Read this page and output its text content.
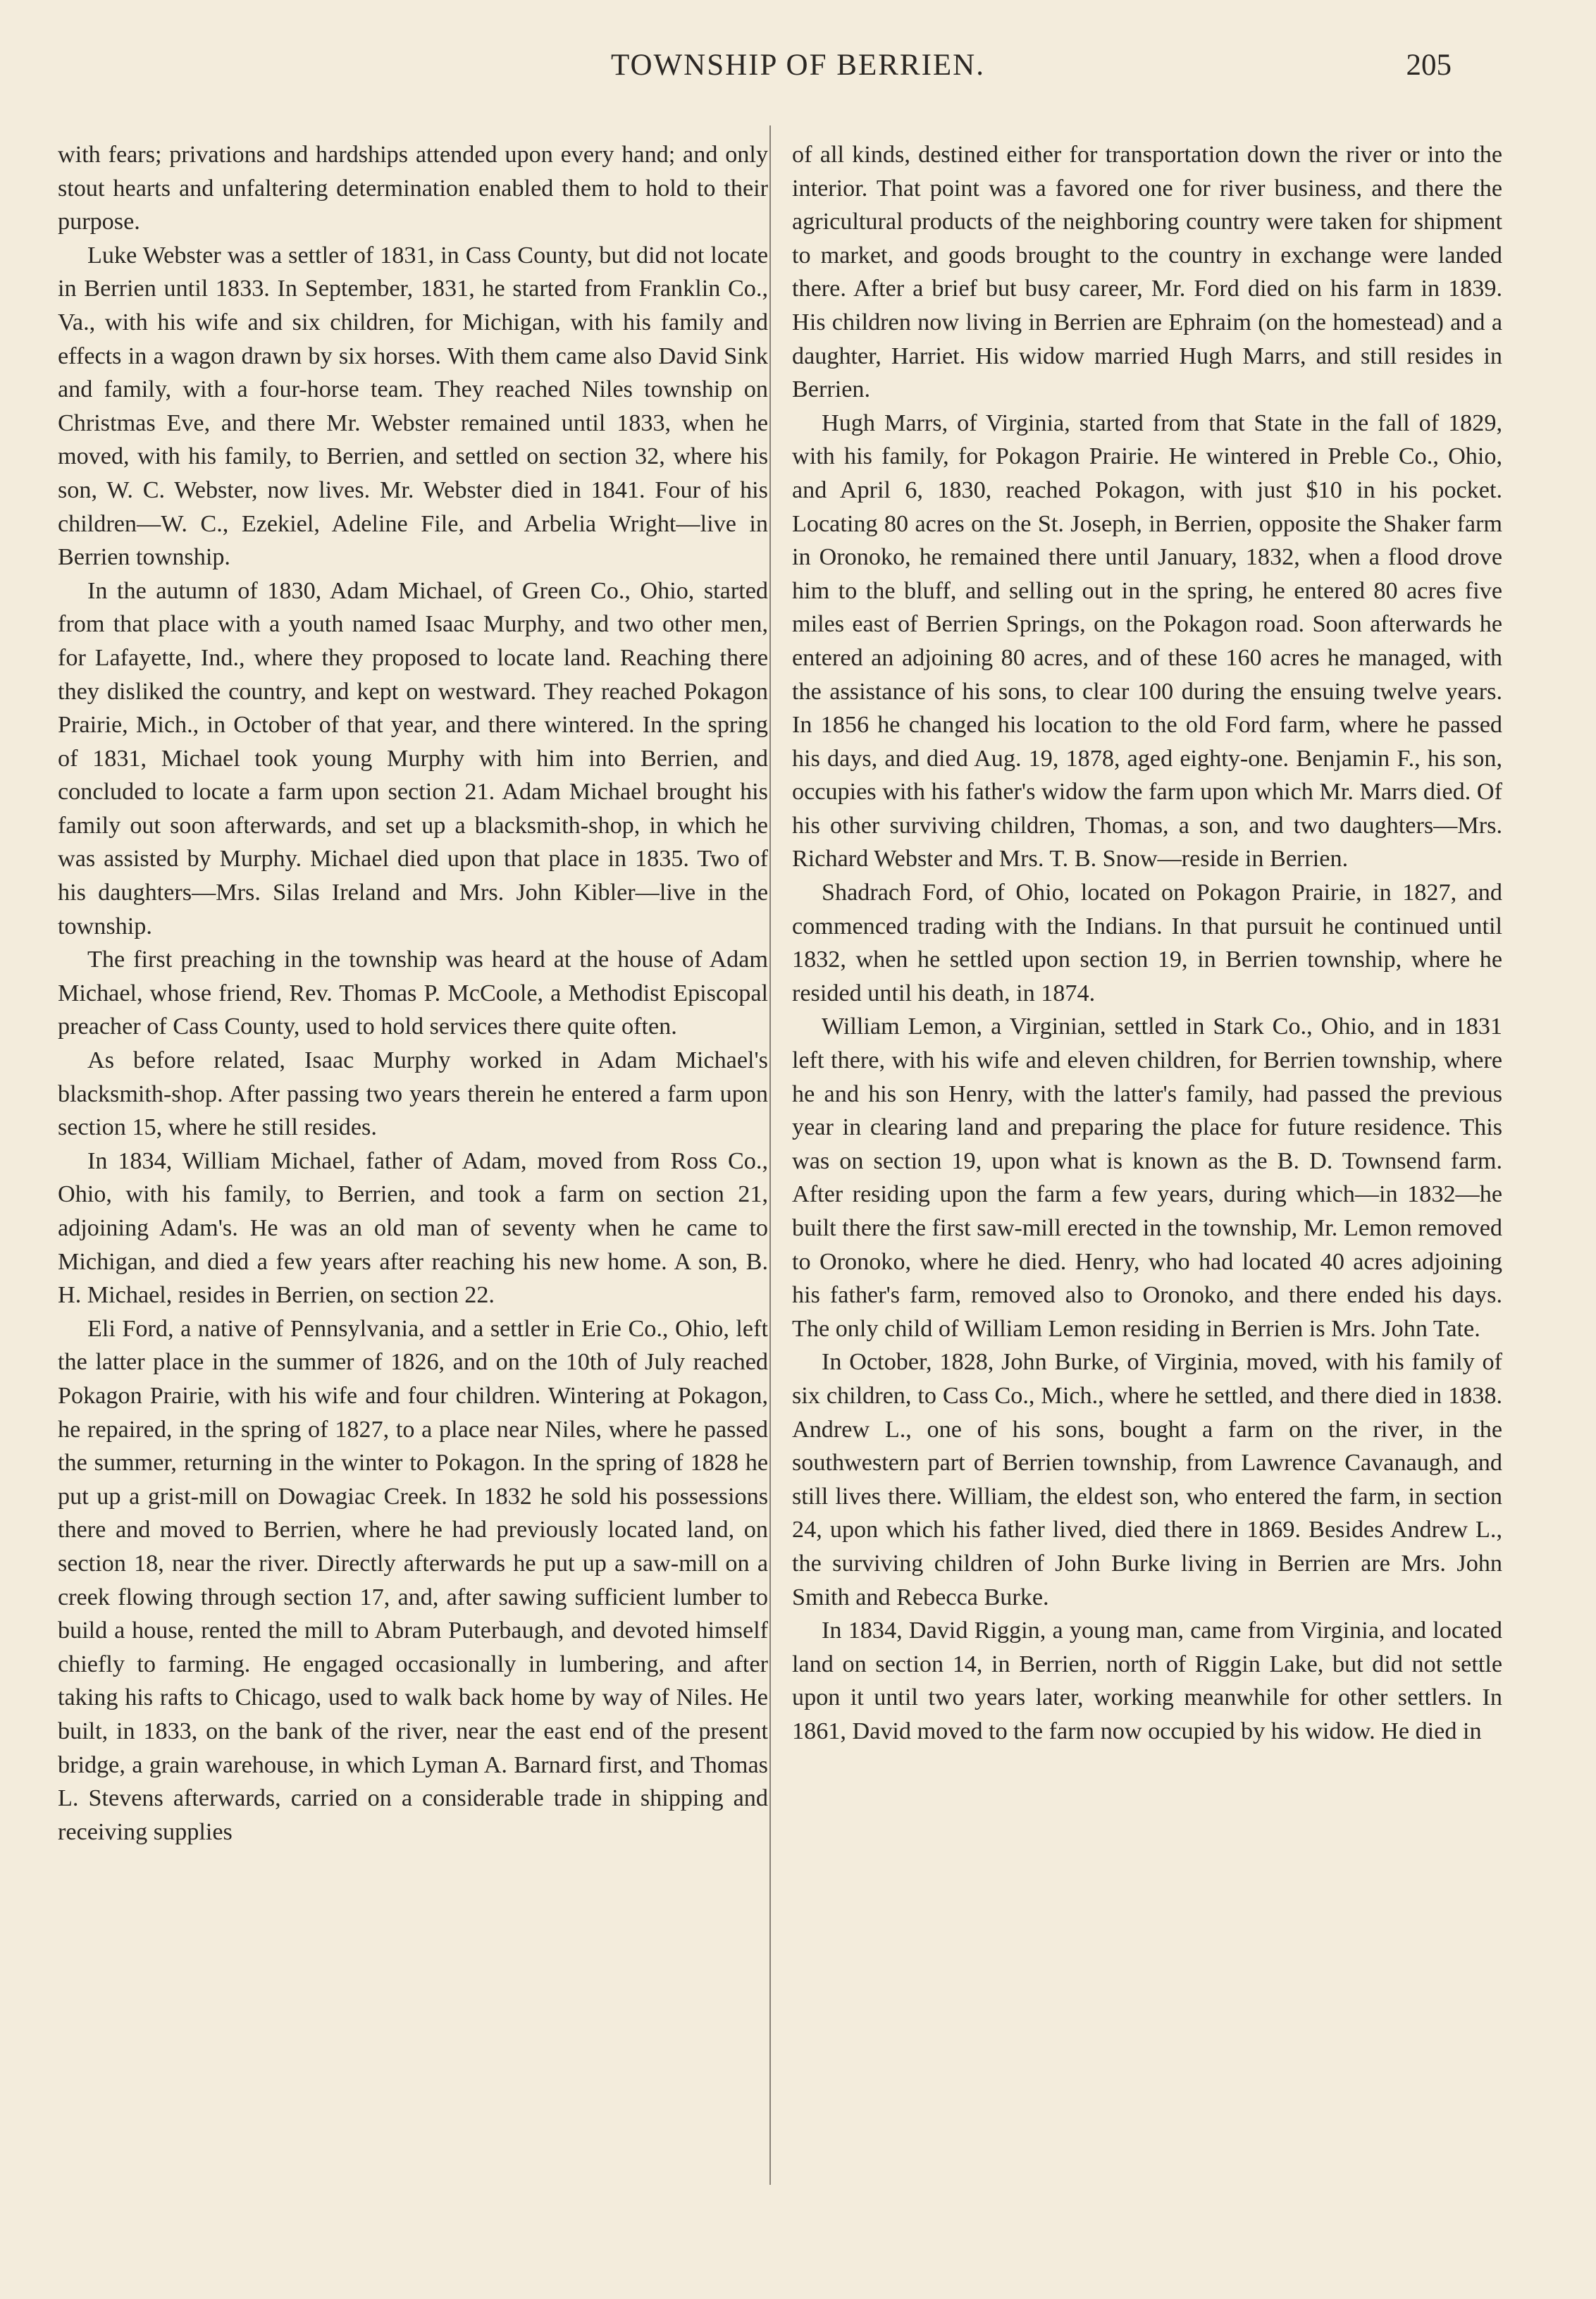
TOWNSHIP OF BERRIEN.	205

with fears; privations and hardships attended upon every hand; and only stout hearts and unfaltering determination enabled them to hold to their purpose.

Luke Webster was a settler of 1831, in Cass County, but did not locate in Berrien until 1833. In September, 1831, he started from Franklin Co., Va., with his wife and six children, for Michigan, with his family and effects in a wagon drawn by six horses. With them came also David Sink and family, with a four-horse team. They reached Niles township on Christmas Eve, and there Mr. Webster remained until 1833, when he moved, with his family, to Berrien, and settled on section 32, where his son, W. C. Webster, now lives. Mr. Webster died in 1841. Four of his children—W. C., Ezekiel, Adeline File, and Arbelia Wright—live in Berrien township.

In the autumn of 1830, Adam Michael, of Green Co., Ohio, started from that place with a youth named Isaac Murphy, and two other men, for Lafayette, Ind., where they proposed to locate land. Reaching there they disliked the country, and kept on westward. They reached Pokagon Prairie, Mich., in October of that year, and there wintered. In the spring of 1831, Michael took young Murphy with him into Berrien, and concluded to locate a farm upon section 21. Adam Michael brought his family out soon afterwards, and set up a blacksmith-shop, in which he was assisted by Murphy. Michael died upon that place in 1835. Two of his daughters—Mrs. Silas Ireland and Mrs. John Kibler—live in the township.

The first preaching in the township was heard at the house of Adam Michael, whose friend, Rev. Thomas P. McCoole, a Methodist Episcopal preacher of Cass County, used to hold services there quite often.

As before related, Isaac Murphy worked in Adam Michael's blacksmith-shop. After passing two years therein he entered a farm upon section 15, where he still resides.

In 1834, William Michael, father of Adam, moved from Ross Co., Ohio, with his family, to Berrien, and took a farm on section 21, adjoining Adam's. He was an old man of seventy when he came to Michigan, and died a few years after reaching his new home. A son, B. H. Michael, resides in Berrien, on section 22.

Eli Ford, a native of Pennsylvania, and a settler in Erie Co., Ohio, left the latter place in the summer of 1826, and on the 10th of July reached Pokagon Prairie, with his wife and four children. Wintering at Pokagon, he repaired, in the spring of 1827, to a place near Niles, where he passed the summer, returning in the winter to Pokagon. In the spring of 1828 he put up a grist-mill on Dowagiac Creek. In 1832 he sold his possessions there and moved to Berrien, where he had previously located land, on section 18, near the river. Directly afterwards he put up a saw-mill on a creek flowing through section 17, and, after sawing sufficient lumber to build a house, rented the mill to Abram Puterbaugh, and devoted himself chiefly to farming. He engaged occasionally in lumbering, and after taking his rafts to Chicago, used to walk back home by way of Niles. He built, in 1833, on the bank of the river, near the east end of the present bridge, a grain warehouse, in which Lyman A. Barnard first, and Thomas L. Stevens afterwards, carried on a considerable trade in shipping and receiving supplies

of all kinds, destined either for transportation down the river or into the interior. That point was a favored one for river business, and there the agricultural products of the neighboring country were taken for shipment to market, and goods brought to the country in exchange were landed there. After a brief but busy career, Mr. Ford died on his farm in 1839. His children now living in Berrien are Ephraim (on the homestead) and a daughter, Harriet. His widow married Hugh Marrs, and still resides in Berrien.

Hugh Marrs, of Virginia, started from that State in the fall of 1829, with his family, for Pokagon Prairie. He wintered in Preble Co., Ohio, and April 6, 1830, reached Pokagon, with just $10 in his pocket. Locating 80 acres on the St. Joseph, in Berrien, opposite the Shaker farm in Oronoko, he remained there until January, 1832, when a flood drove him to the bluff, and selling out in the spring, he entered 80 acres five miles east of Berrien Springs, on the Pokagon road. Soon afterwards he entered an adjoining 80 acres, and of these 160 acres he managed, with the assistance of his sons, to clear 100 during the ensuing twelve years. In 1856 he changed his location to the old Ford farm, where he passed his days, and died Aug. 19, 1878, aged eighty-one. Benjamin F., his son, occupies with his father's widow the farm upon which Mr. Marrs died. Of his other surviving children, Thomas, a son, and two daughters—Mrs. Richard Webster and Mrs. T. B. Snow—reside in Berrien.

Shadrach Ford, of Ohio, located on Pokagon Prairie, in 1827, and commenced trading with the Indians. In that pursuit he continued until 1832, when he settled upon section 19, in Berrien township, where he resided until his death, in 1874.

William Lemon, a Virginian, settled in Stark Co., Ohio, and in 1831 left there, with his wife and eleven children, for Berrien township, where he and his son Henry, with the latter's family, had passed the previous year in clearing land and preparing the place for future residence. This was on section 19, upon what is known as the B. D. Townsend farm. After residing upon the farm a few years, during which—in 1832—he built there the first saw-mill erected in the township, Mr. Lemon removed to Oronoko, where he died. Henry, who had located 40 acres adjoining his father's farm, removed also to Oronoko, and there ended his days. The only child of William Lemon residing in Berrien is Mrs. John Tate.

In October, 1828, John Burke, of Virginia, moved, with his family of six children, to Cass Co., Mich., where he settled, and there died in 1838. Andrew L., one of his sons, bought a farm on the river, in the southwestern part of Berrien township, from Lawrence Cavanaugh, and still lives there. William, the eldest son, who entered the farm, in section 24, upon which his father lived, died there in 1869. Besides Andrew L., the surviving children of John Burke living in Berrien are Mrs. John Smith and Rebecca Burke.

In 1834, David Riggin, a young man, came from Virginia, and located land on section 14, in Berrien, north of Riggin Lake, but did not settle upon it until two years later, working meanwhile for other settlers. In 1861, David moved to the farm now occupied by his widow. He died in
